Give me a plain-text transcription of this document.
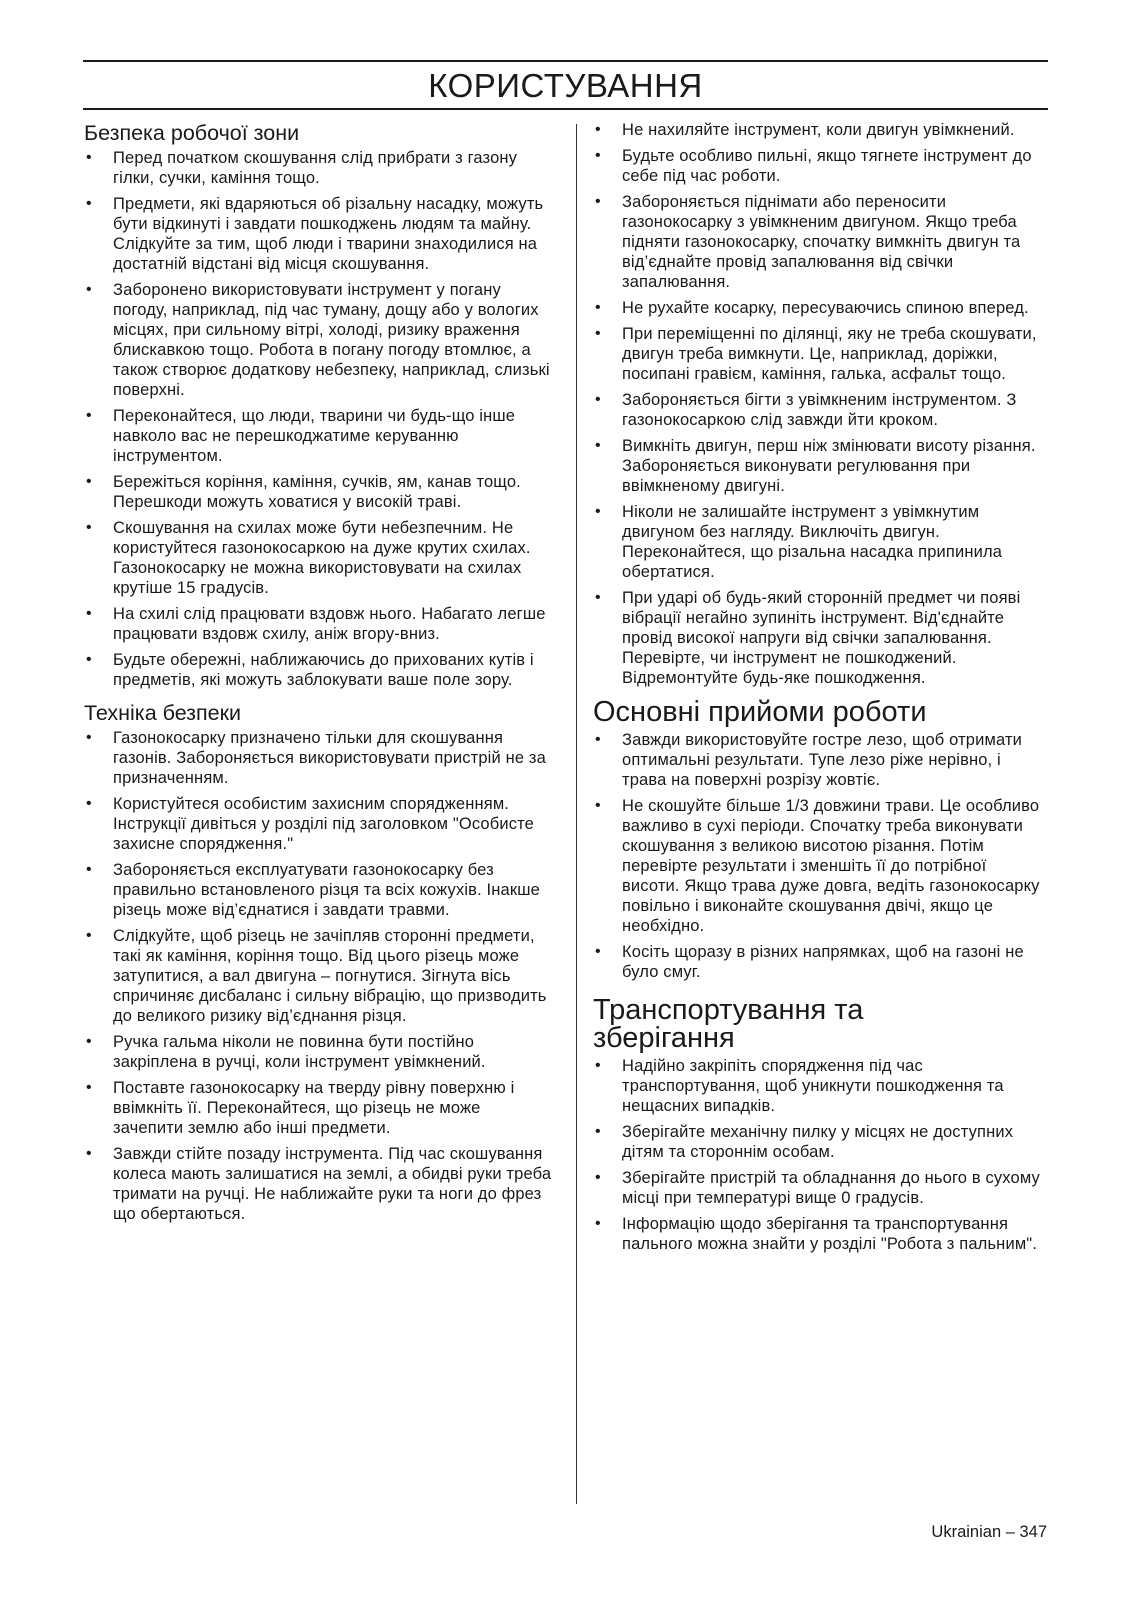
КОРИСТУВАННЯ
Безпека робочої зони
• Перед початком скошування слід прибрати з газону гілки, сучки, каміння тощо.
• Предмети, які вдаряються об різальну насадку, можуть бути відкинуті і завдати пошкоджень людям та майну. Слідкуйте за тим, щоб люди і тварини знаходилися на достатній відстані від місця скошування.
• Заборонено використовувати інструмент у погану погоду, наприклад, під час туману, дощу або у вологих місцях, при сильному вітрі, холоді, ризику враження блискавкою тощо. Робота в погану погоду втомлює, а також створює додаткову небезпеку, наприклад, слизькі поверхні.
• Переконайтеся, що люди, тварини чи будь-що інше навколо вас не перешкоджатиме керуванню інструментом.
• Бережіться коріння, каміння, сучків, ям, канав тощо. Перешкоди можуть ховатися у високій траві.
• Скошування на схилах може бути небезпечним. Не користуйтеся газонокосаркою на дуже крутих схилах. Газонокосарку не можна використовувати на схилах крутіше 15 градусів.
• На схилі слід працювати вздовж нього. Набагато легше працювати вздовж схилу, аніж вгору-вниз.
• Будьте обережні, наближаючись до прихованих кутів і предметів, які можуть заблокувати ваше поле зору.
Техніка безпеки
• Газонокосарку призначено тільки для скошування газонів. Забороняється використовувати пристрій не за призначенням.
• Користуйтеся особистим захисним спорядженням. Інструкції дивіться у розділі під заголовком "Особисте захисне спорядження."
• Забороняється експлуатувати газонокосарку без правильно встановленого різця та всіх кожухів. Інакше різець може від’єднатися і завдати травми.
• Слідкуйте, щоб різець не зачіпляв сторонні предмети, такі як каміння, коріння тощо. Від цього різець може затупитися, а вал двигуна – погнутися. Зігнута вісь спричиняє дисбаланс і сильну вібрацію, що призводить до великого ризику від’єднання різця.
• Ручка гальма ніколи не повинна бути постійно закріплена в ручці, коли інструмент увімкнений.
• Поставте газонокосарку на тверду рівну поверхню і ввімкніть її. Переконайтеся, що різець не може зачепити землю або інші предмети.
• Завжди стійте позаду інструмента. Під час скошування колеса мають залишатися на землі, а обидві руки треба тримати на ручці. Не наближайте руки та ноги до фрез що обертаються.
• Не нахиляйте інструмент, коли двигун увімкнений.
• Будьте особливо пильні, якщо тягнете інструмент до себе під час роботи.
• Забороняється піднімати або переносити газонокосарку з увімкненим двигуном. Якщо треба підняти газонокосарку, спочатку вимкніть двигун та від’єднайте провід запалювання від свічки запалювання.
• Не рухайте косарку, пересуваючись спиною вперед.
• При переміщенні по ділянці, яку не треба скошувати, двигун треба вимкнути. Це, наприклад, доріжки, посипані гравієм, каміння, галька, асфальт тощо.
• Забороняється бігти з увімкненим інструментом. З газонокосаркою слід завжди йти кроком.
• Вимкніть двигун, перш ніж змінювати висоту різання. Забороняється виконувати регулювання при ввімкненому двигуні.
• Ніколи не залишайте інструмент з увімкнутим двигуном без нагляду. Виключіть двигун. Переконайтеся, що різальна насадка припинила обертатися.
• При ударі об будь-який сторонній предмет чи появі вібрації негайно зупиніть інструмент. Від'єднайте провід високої напруги від свічки запалювання. Перевірте, чи інструмент не пошкоджений. Відремонтуйте будь-яке пошкодження.
Основні прийоми роботи
• Завжди використовуйте гостре лезо, щоб отримати оптимальні результати. Тупе лезо ріже нерівно, і трава на поверхні розрізу жовтіє.
• Не скошуйте більше 1/3 довжини трави. Це особливо важливо в сухі періоди. Спочатку треба виконувати скошування з великою висотою різання. Потім перевірте результати і зменшіть її до потрібної висоти. Якщо трава дуже довга, ведіть газонокосарку повільно і виконайте скошування двічі, якщо це необхідно.
• Косіть щоразу в різних напрямках, щоб на газоні не було смуг.
Транспортування та
зберігання
• Надійно закріпіть спорядження під час транспортування, щоб уникнути пошкодження та нещасних випадків.
• Зберігайте механічну пилку у місцях не доступних дітям та стороннім особам.
• Зберігайте пристрій та обладнання до нього в сухому місці при температурі вище 0 градусів.
• Інформацію щодо зберігання та транспортування пального можна знайти у розділі "Робота з пальним".
Ukrainian – 347
